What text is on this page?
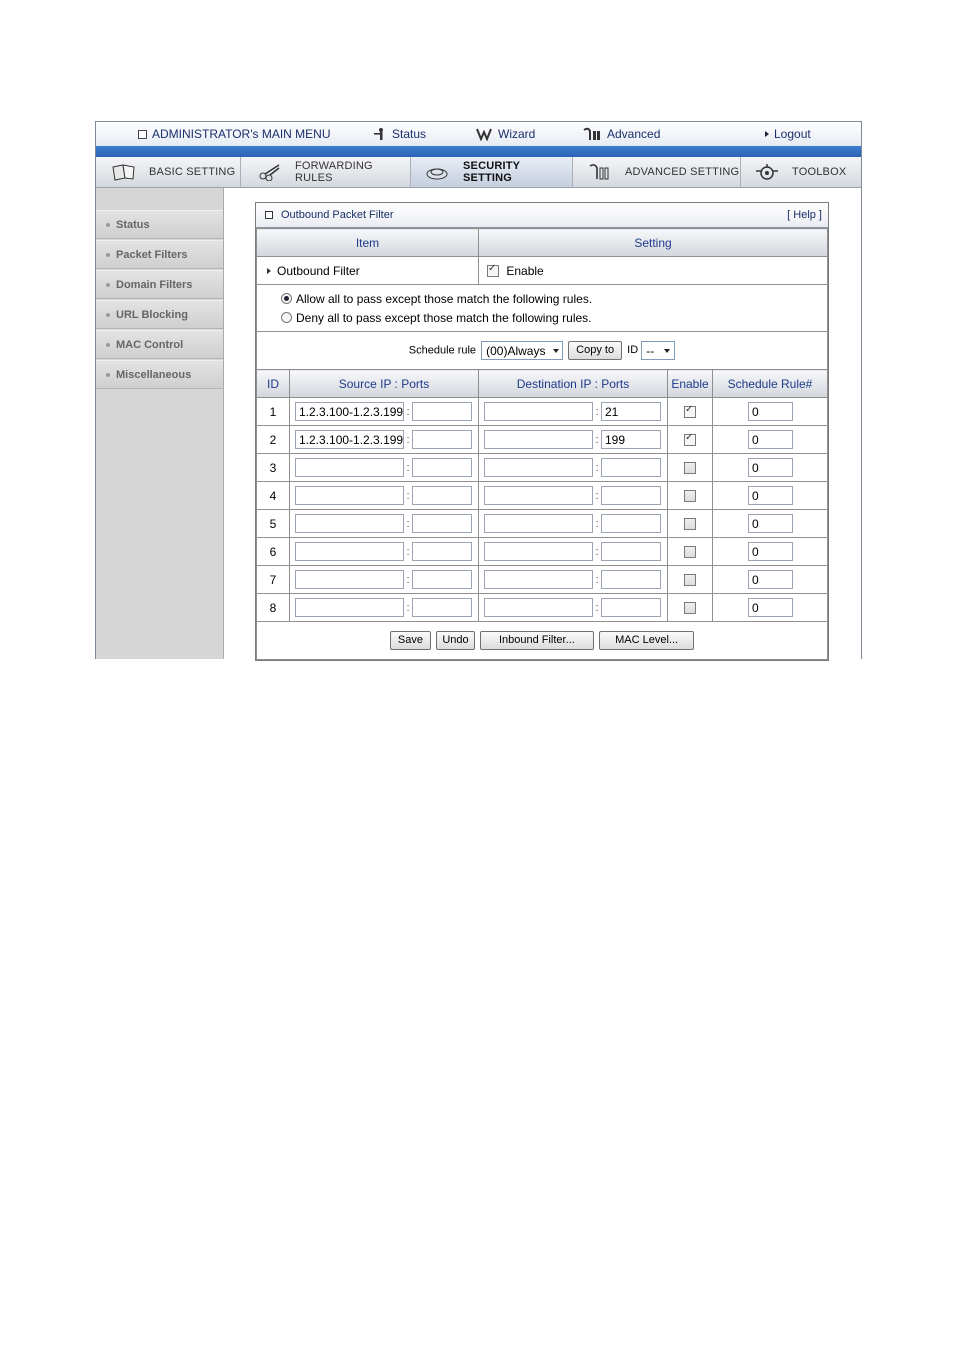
ADMINISTRATOR's MAIN MENU	Status	Wizard	Advanced	Logout
BASIC SETTING	FORWARDING RULES
SECURITY SETTING	ADVANCED SETTING	TOOLBOX
Status
Packet Filters
Domain Filters
URL Blocking
MAC Control
Miscellaneous
Outbound Packet Filter	[ Help ]
Item	Setting
Outbound Filter	✓Enable
Allow all to pass except those match the following rules.
Deny all to pass except those match the following rules.
Schedule rule (00)Always	Copy to ID --
ID	Source IP : Ports	Destination IP : Ports	Enable	Schedule Rule#
1	1.2.3.100-1.2.3.199 :	: 21	✓	0
2	1.2.3.100-1.2.3.199 :	: 199	✓	0
3	:	:		0
4	:	:		0
5	:	:		0
6	:	:		0
7	:	:		0
8	:	:		0
Save Undo	Inbound Filter...	MAC Level...
